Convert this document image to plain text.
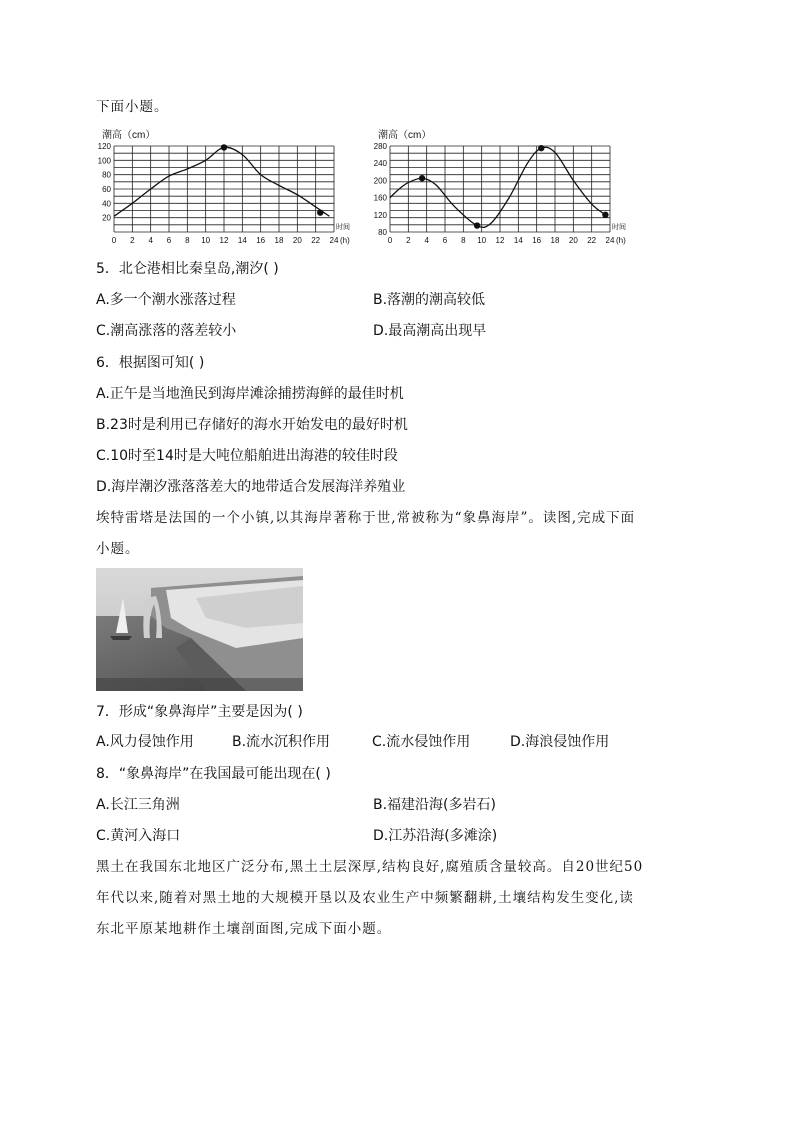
下面小题。
潮高（cm）
20
40
60
80
100
120
0 2 4 6 8 10 12 14 16 18 20 22 24
时间
(h)
潮高（cm）
80
120
160
200
240
280
0 2 4 6 8 10 12 14 16 18 20 22 24
时间
(h)
5．北仑港相比秦皇岛,潮汐( )
A.多一个潮水涨落过程	B.落潮的潮高较低
C.潮高涨落的落差较小	D.最高潮高出现早
6．根据图可知( )
A.正午是当地渔民到海岸滩涂捕捞海鲜的最佳时机
B.23时是利用已存储好的海水开始发电的最好时机
C.10时至14时是大吨位船舶进出海港的较佳时段
D.海岸潮汐涨落落差大的地带适合发展海洋养殖业
埃特雷塔是法国的一个小镇,以其海岸著称于世,常被称为“象鼻海岸”。读图,完成下面
小题。
7．形成“象鼻海岸”主要是因为( )
A.风力侵蚀作用	B.流水沉积作用	C.流水侵蚀作用	D.海浪侵蚀作用
8．“象鼻海岸”在我国最可能出现在( )
A.长江三角洲	B.福建沿海(多岩石)
C.黄河入海口	D.江苏沿海(多滩涂)
黑土在我国东北地区广泛分布,黑土土层深厚,结构良好,腐殖质含量较高。自20世纪50
年代以来,随着对黑土地的大规模开垦以及农业生产中频繁翻耕,土壤结构发生变化,读
东北平原某地耕作土壤剖面图,完成下面小题。
